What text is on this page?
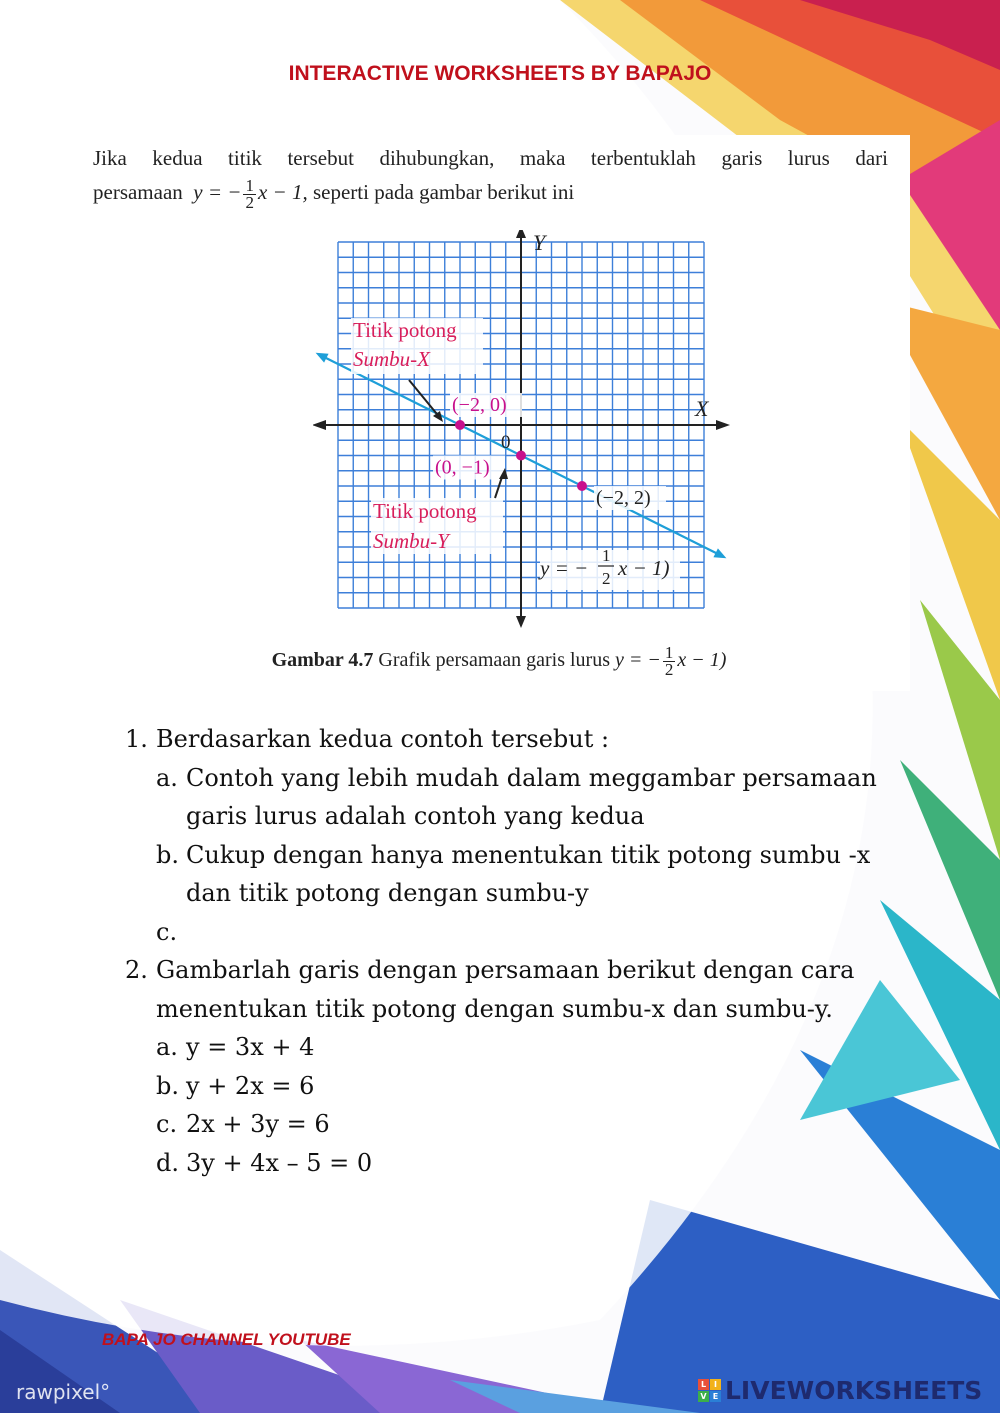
INTERACTIVE WORKSHEETS BY BAPAJO
Jika kedua titik tersebut dihubungkan, maka terbentuklah garis lurus dari
persamaan y = − $\frac{1}{2}$ x − 1, seperti pada gambar berikut ini
(−2, 0)
(0, −1)
(−2, 2)
Y
X
0
Titik potong
Sumbu-X
Titik potong
Sumbu-Y
y = −
1
2 x − 1)
Gambar 4.7 Grafik persamaan garis lurus y = − $\frac{1}{2}$ x − 1)
1. Berdasarkan kedua contoh tersebut :
a. Contoh yang lebih mudah dalam meggambar persamaan garis lurus adalah contoh yang kedua
b. Cukup dengan hanya menentukan titik potong sumbu -x dan titik potong dengan sumbu-y
c.
2. Gambarlah garis dengan persamaan berikut dengan cara menentukan titik potong dengan sumbu-x dan sumbu-y.
a. y = 3x + 4
b. y + 2x = 6
c. 2x + 3y = 6
d. 3y + 4x – 5 = 0
BAPA JO CHANNEL YOUTUBE
rawpixel°	L I
V E LIVEWORKSHEETS
